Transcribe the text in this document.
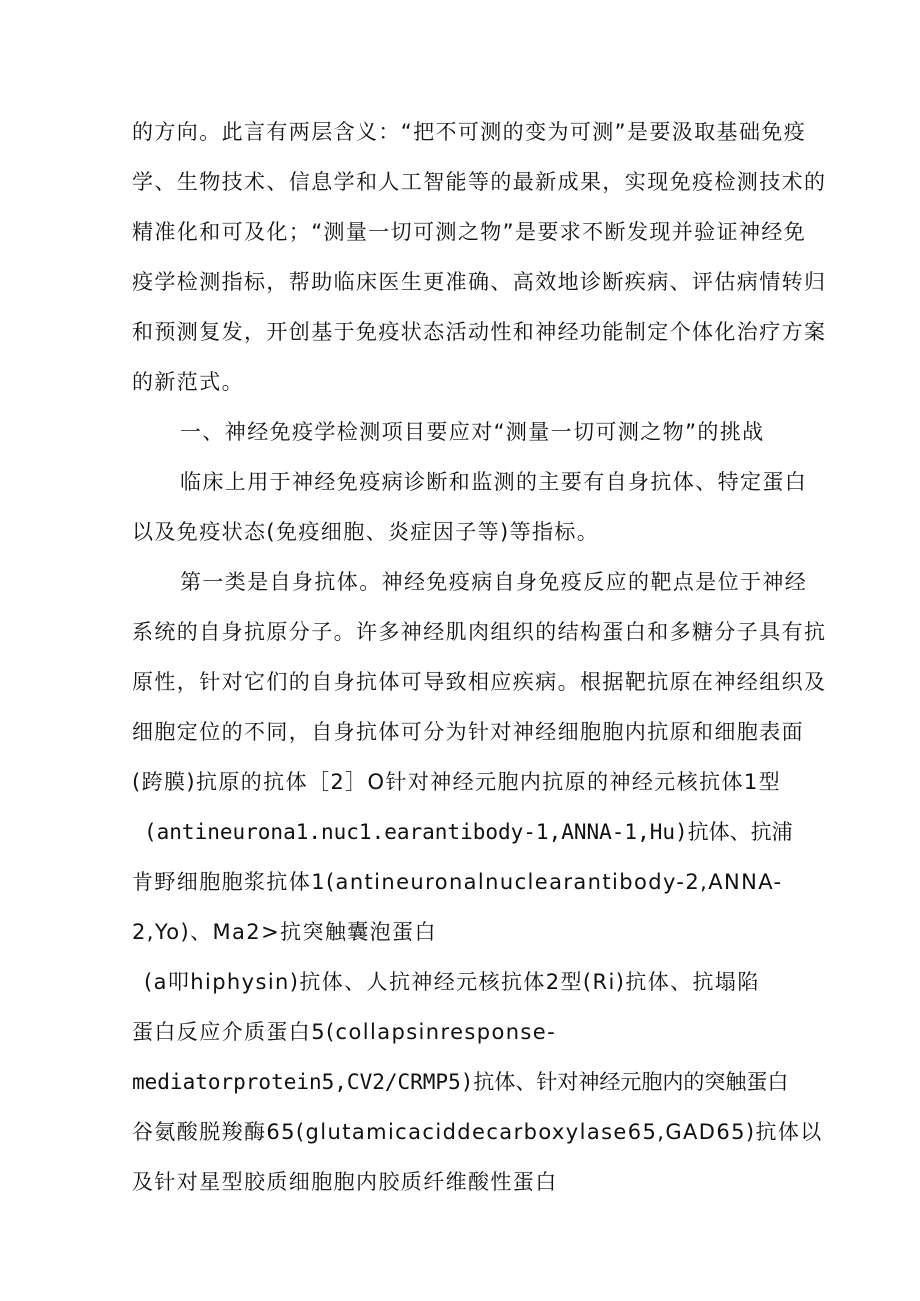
的方向。此言有两层含义：“把不可测的变为可测”是要汲取基础免疫
学、生物技术、信息学和人工智能等的最新成果，实现免疫检测技术的
精准化和可及化；“测量一切可测之物”是要求不断发现并验证神经免
疫学检测指标，帮助临床医生更准确、高效地诊断疾病、评估病情转归
和预测复发，开创基于免疫状态活动性和神经功能制定个体化治疗方案
的新范式。
一、神经免疫学检测项目要应对“测量一切可测之物”的挑战
临床上用于神经免疫病诊断和监测的主要有自身抗体、特定蛋白
以及免疫状态(免疫细胞、炎症因子等)等指标。
第一类是自身抗体。神经免疫病自身免疫反应的靶点是位于神经
系统的自身抗原分子。许多神经肌肉组织的结构蛋白和多糖分子具有抗
原性，针对它们的自身抗体可导致相应疾病。根据靶抗原在神经组织及
细胞定位的不同，自身抗体可分为针对神经细胞胞内抗原和细胞表面
(跨膜)抗原的抗体［2］O针对神经元胞内抗原的神经元核抗体1型
(antineurona1.nuc1.earantibody-1,ANNA-1,Hu)抗体、抗浦
肯野细胞胞浆抗体1(antineuronalnuclearantibody-2,ANNA-
2,Yo)、Ma2>抗突触囊泡蛋白
(a叩hiphysin)抗体、人抗神经元核抗体2型(Ri)抗体、抗塌陷
蛋白反应介质蛋白5(collapsinresponse-
mediatorprotein5,CV2/CRMP5)抗体、针对神经元胞内的突触蛋白
谷氨酸脱羧酶65(glutamicaciddecarboxylase65,GAD65)抗体以
及针对星型胶质细胞胞内胶质纤维酸性蛋白
